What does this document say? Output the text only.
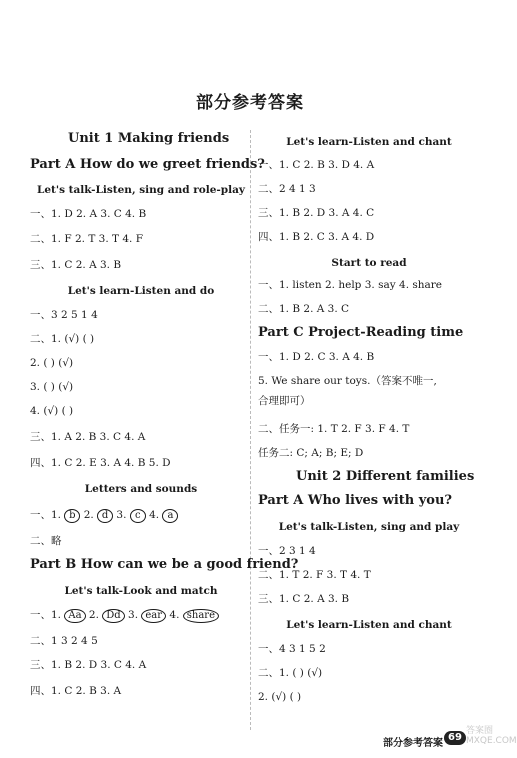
部分参考答案
Unit 1 Making friends
Part A How do we greet friends?
Let's talk-Listen, sing and role-play
一、1. D 2. A 3. C 4. B
二、1. F 2. T 3. T 4. F
三、1. C 2. A 3. B
Let's learn-Listen and do
一、3 2 5 1 4
二、1. (√) ( )
2. ( ) (√)
3. ( ) (√)
4. (√) ( )
三、1. A 2. B 3. C 4. A
四、1. C 2. E 3. A 4. B 5. D
Letters and sounds
一、1. b 2. d 3. c 4. a
二、略
Part B How can we be a good friend?
Let's talk-Look and match
一、1. Aa 2. Dd 3. ear 4. share
二、1 3 2 4 5
三、1. B 2. D 3. C 4. A
四、1. C 2. B 3. A
Let's learn-Listen and chant
一、1. C 2. B 3. D 4. A
二、2 4 1 3
三、1. B 2. D 3. A 4. C
四、1. B 2. C 3. A 4. D
Start to read
一、1. listen 2. help 3. say 4. share
二、1. B 2. A 3. C
Part C Project-Reading time
一、1. D 2. C 3. A 4. B
5. We share our toys.（答案不唯一,
合理即可）
二、任务一: 1. T 2. F 3. F 4. T
任务二: C; A; B; E; D
Unit 2 Different families
Part A Who lives with you?
Let's talk-Listen, sing and play
一、2 3 1 4
二、1. T 2. F 3. T 4. T
三、1. C 2. A 3. B
Let's learn-Listen and chant
一、4 3 1 5 2
二、1. ( ) (√)
2. (√) ( )
部分参考答案
69
答案圈 MXQE.COM
